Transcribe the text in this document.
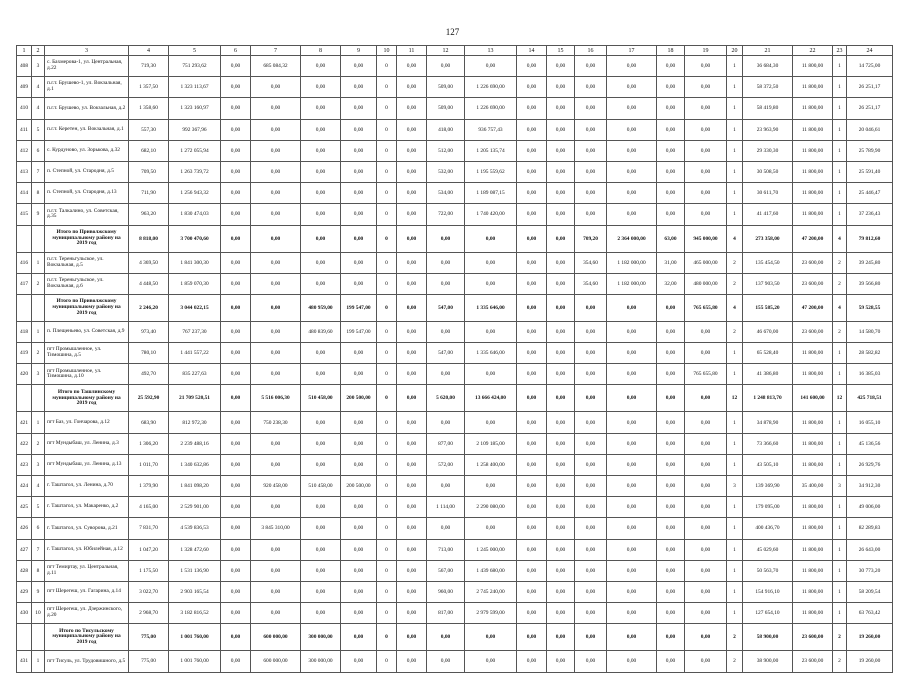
127
1	2	3	4	5	6	7	8	9	10	11	12	13	14	15	16	17	18	19	20	21	22	23	24
408	3	с. Бахмерова-1, ул. Центральная, д.22	719,30	751 293,62	0,00	685 084,32	0,00	0,00	0	0,00	0,00	0,00	0,00	0,00	0,00	0,00	0,00	0,00	1	36 684,30	11 800,00	1	14 725,00
409	4	п.г.т. Брушево-1, ул. Вокзальная, д.1	1 357,50	1 323 113,67	0,00	0,00	0,00	0,00	0	0,00	509,00	1 226 690,00	0,00	0,00	0,00	0,00	0,00	0,00	1	58 372,50	11 800,00	1	26 251,17
410	4	п.г.т. Брушево, ул. Вокзальная, д.2	1 358,60	1 323 160,97	0,00	0,00	0,00	0,00	0	0,00	509,00	1 226 690,00	0,00	0,00	0,00	0,00	0,00	0,00	1	58 419,80	11 800,00	1	26 251,17
411	5	п.г.т. Керетен, ул. Вокзальная, д.1	557,30	992 367,96	0,00	0,00	0,00	0,00	0	0,00	418,00	936 757,43	0,00	0,00	0,00	0,00	0,00	0,00	1	23 963,90	11 800,00	1	20 046,61
412	6	с. Курдуново, ул. Зорькова, д.32	682,10	1 272 055,94	0,00	0,00	0,00	0,00	0	0,00	512,00	1 205 135,74	0,00	0,00	0,00	0,00	0,00	0,00	1	29 330,30	11 800,00	1	25 789,90
413	7	п. Степной, ул. Стародня, д.5	709,50	1 263 739,72	0,00	0,00	0,00	0,00	0	0,00	532,00	1 195 559,62	0,00	0,00	0,00	0,00	0,00	0,00	1	30 508,50	11 800,00	1	25 591,40
414	8	п. Степной, ул. Стародня, д.13	711,90	1 256 943,32	0,00	0,00	0,00	0,00	0	0,00	534,00	1 189 087,15	0,00	0,00	0,00	0,00	0,00	0,00	1	30 611,70	11 800,00	1	25 446,47
415	9	п.г.т. Талкалино, ул. Советская, д.35	963,20	1 830 474,03	0,00	0,00	0,00	0,00	0	0,00	722,00	1 740 420,00	0,00	0,00	0,00	0,00	0,00	0,00	1	41 417,60	11 800,00	1	37 236,43
		Итого по Приволжскому муниципальному району на 2019 год	8 818,00	3 700 470,60	0,00	0,00	0,00	0,00	0	0,00	0,00	0,00	0,00	0,00	709,20	2 364 000,00	63,00	945 000,00	4	273 358,00	47 200,00	4	79 812,60
416	1	п.г.т. Тереньгульское, ул. Вокзальная, д.5	4 369,50	1 841 300,30	0,00	0,00	0,00	0,00	0	0,00	0,00	0,00	0,00	0,00	354,60	1 182 000,00	31,00	465 000,00	2	135 454,50	23 600,00	2	39 245,80
417	2	п.г.т. Тереньгульское, ул. Вокзальная, д.6	4 448,50	1 859 070,30	0,00	0,00	0,00	0,00	0	0,00	0,00	0,00	0,00	0,00	354,60	1 182 000,00	32,00	480 000,00	2	137 903,50	23 600,00	2	39 566,80
		Итого по Приволжскому муниципальному району на 2019 год	2 246,20	3 044 022,15	0,00	0,00	480 959,00	199 547,00	0	0,00	547,00	1 335 646,00	0,00	0,00	0,00	0,00	0,00	765 655,80	4	155 585,20	47 200,00	4	59 528,55
418	1	п. Плещеньево, ул. Советская, д.9	973,40	767 237,30	0,00	0,00	480 839,60	199 547,00	0	0,00	0,00	0,00	0,00	0,00	0,00	0,00	0,00	0,00	2	46 670,00	23 600,00	2	14 580,70
419	2	пгт Промышленное, ул. Тимошина, д.5	780,10	1 441 557,22	0,00	0,00	0,00	0,00	0	0,00	547,00	1 335 646,00	0,00	0,00	0,00	0,00	0,00	0,00	1	65 528,40	11 800,00	1	28 582,82
420	3	пгт Промышленное, ул. Тимошина, д.10	492,70	835 227,63	0,00	0,00	0,00	0,00	0	0,00	0,00	0,00	0,00	0,00	0,00	0,00	0,00	765 655,80	1	41 386,80	11 800,00	1	16 385,03
		Итого по Ташлинскому муниципальному району на 2019 год	25 592,90	21 709 520,51	0,00	5 516 006,30	510 458,00	200 500,00	0	0,00	5 620,00	13 666 424,00	0,00	0,00	0,00	0,00	0,00	0,00	12	1 248 813,70	141 600,00	12	425 718,51
421	1	пгт Баз, ул. Гончарова, д.12	683,90	812 972,30	0,00	750 238,30	0,00	0,00	0	0,00	0,00	0,00	0,00	0,00	0,00	0,00	0,00	0,00	1	34 878,90	11 800,00	1	16 055,10
422	2	пгт Мундыбаш, ул. Ленина, д.3	1 306,20	2 239 488,16	0,00	0,00	0,00	0,00	0	0,00	877,00	2 109 185,00	0,00	0,00	0,00	0,00	0,00	0,00	1	73 366,60	11 800,00	1	45 136,56
423	3	пгт Мундыбаш, ул. Ленина, д.13	1 011,70	1 340 632,86	0,00	0,00	0,00	0,00	0	0,00	572,00	1 258 400,00	0,00	0,00	0,00	0,00	0,00	0,00	1	43 505,10	11 800,00	1	26 929,76
424	4	г. Таштагол, ул. Ленина, д.70	1 379,90	1 841 098,20	0,00	920 458,00	510 458,00	200 500,00	0	0,00	0,00	0,00	0,00	0,00	0,00	0,00	0,00	0,00	3	139 369,90	35 400,00	3	34 912,30
425	5	г. Таштагол, ул. Макаренко, д.2	4 165,00	2 529 901,00	0,00	0,00	0,00	0,00	0	0,00	1 114,00	2 290 080,00	0,00	0,00	0,00	0,00	0,00	0,00	1	179 095,00	11 800,00	1	49 006,00
426	6	г. Таштагол, ул. Суворова, д.21	7 831,70	4 539 836,53	0,00	3 845 310,00	0,00	0,00	0	0,00	0,00	0,00	0,00	0,00	0,00	0,00	0,00	0,00	1	400 436,70	11 800,00	1	82 289,83
427	7	г. Таштагол, ул. Юбилейная, д.12	1 047,20	1 328 472,60	0,00	0,00	0,00	0,00	0	0,00	713,00	1 245 000,00	0,00	0,00	0,00	0,00	0,00	0,00	1	45 029,60	11 800,00	1	26 643,00
428	8	пгт Темиртау, ул. Центральная, д.11	1 175,50	1 531 136,90	0,00	0,00	0,00	0,00	0	0,00	567,00	1 439 680,00	0,00	0,00	0,00	0,00	0,00	0,00	1	50 563,70	11 800,00	1	30 773,20
429	9	пгт Шерегеш, ул. Гагарина, д.14	3 022,70	2 903 165,54	0,00	0,00	0,00	0,00	0	0,00	960,00	2 745 240,00	0,00	0,00	0,00	0,00	0,00	0,00	1	154 916,10	11 800,00	1	58 209,54
430	10	пгт Шерегеш, ул. Дзержинского, д.20	2 968,70	3 182 816,52	0,00	0,00	0,00	0,00	0	0,00	817,00	2 979 599,00	0,00	0,00	0,00	0,00	0,00	0,00	1	127 654,10	11 800,00	1	63 763,42
		Итого по Тисульскому муниципальному району на 2019 год	775,00	1 001 760,00	0,00	600 000,00	300 000,00	0,00	0	0,00	0,00	0,00	0,00	0,00	0,00	0,00	0,00	0,00	2	58 900,00	23 600,00	2	19 260,00
431	1	пгт Тисуль, ул. Трудовишного, д.5	775,00	1 001 760,00	0,00	600 000,00	300 000,00	0,00	0	0,00	0,00	0,00	0,00	0,00	0,00	0,00	0,00	0,00	2	38 900,00	23 600,00	2	19 260,00
